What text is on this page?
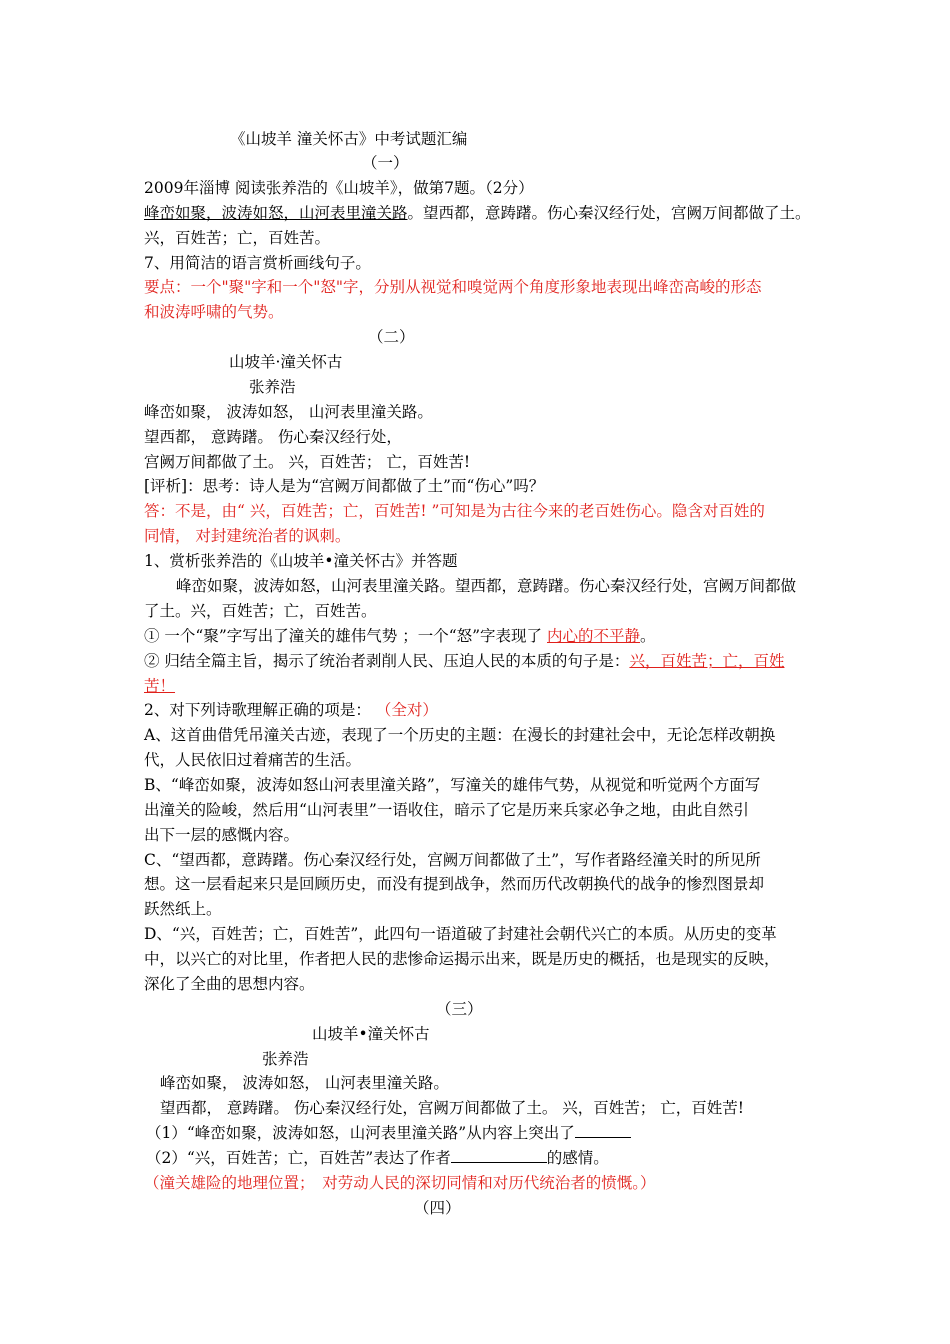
《山坡羊 潼关怀古》中考试题汇编
（一）
2009年淄博 阅读张养浩的《山坡羊》，做第7题。（2分）
峰峦如聚，波涛如怒，山河表里潼关路。望西都，意踌躇。伤心秦汉经行处，宫阙万间都做了土。
兴，百姓苦；亡，百姓苦。
7、用简洁的语言赏析画线句子。
要点：一个"聚"字和一个"怒"字，分别从视觉和嗅觉两个角度形象地表现出峰峦高峻的形态
和波涛呼啸的气势。
（二）
山坡羊·潼关怀古
张养浩
峰峦如聚， 波涛如怒， 山河表里潼关路。
望西都， 意踌躇。 伤心秦汉经行处，
宫阙万间都做了土。 兴，百姓苦； 亡，百姓苦!
[评析]：思考：诗人是为“宫阙万间都做了土”而“伤心”吗？
答：不是，由“ 兴，百姓苦；亡，百姓苦! ”可知是为古往今来的老百姓伤心。隐含对百姓的
同情， 对封建统治者的讽刺。
1、赏析张养浩的《山坡羊•潼关怀古》并答题
峰峦如聚，波涛如怒，山河表里潼关路。望西都，意踌躇。伤心秦汉经行处，宫阙万间都做
了土。兴，百姓苦；亡，百姓苦。
① 一个“聚”字写出了潼关的雄伟气势 ；一个“怒”字表现了 内心的不平静。
② 归结全篇主旨，揭示了统治者剥削人民、压迫人民的本质的句子是：兴，百姓苦；亡，百姓
苦！
2、对下列诗歌理解正确的项是： （全对）
A、这首曲借凭吊潼关古迹，表现了一个历史的主题：在漫长的封建社会中，无论怎样改朝换
代，人民依旧过着痛苦的生活。
B、“峰峦如聚，波涛如怒山河表里潼关路”，写潼关的雄伟气势，从视觉和听觉两个方面写
出潼关的险峻，然后用“山河表里”一语收住，暗示了它是历来兵家必争之地，由此自然引
出下一层的感慨内容。
C、“望西都，意踌躇。伤心秦汉经行处，宫阙万间都做了土”，写作者路经潼关时的所见所
想。这一层看起来只是回顾历史，而没有提到战争，然而历代改朝换代的战争的惨烈图景却
跃然纸上。
D、“兴，百姓苦；亡，百姓苦”，此四句一语道破了封建社会朝代兴亡的本质。从历史的变革
中，以兴亡的对比里，作者把人民的悲惨命运揭示出来，既是历史的概括，也是现实的反映，
深化了全曲的思想内容。
（三）
山坡羊•潼关怀古
张养浩
峰峦如聚， 波涛如怒， 山河表里潼关路。
望西都， 意踌躇。 伤心秦汉经行处，宫阙万间都做了土。 兴，百姓苦； 亡，百姓苦!
（1）“峰峦如聚，波涛如怒，山河表里潼关路”从内容上突出了
（2）“兴，百姓苦；亡，百姓苦”表达了作者	的感情。
（潼关雄险的地理位置；　对劳动人民的深切同情和对历代统治者的愤慨。）
（四）
